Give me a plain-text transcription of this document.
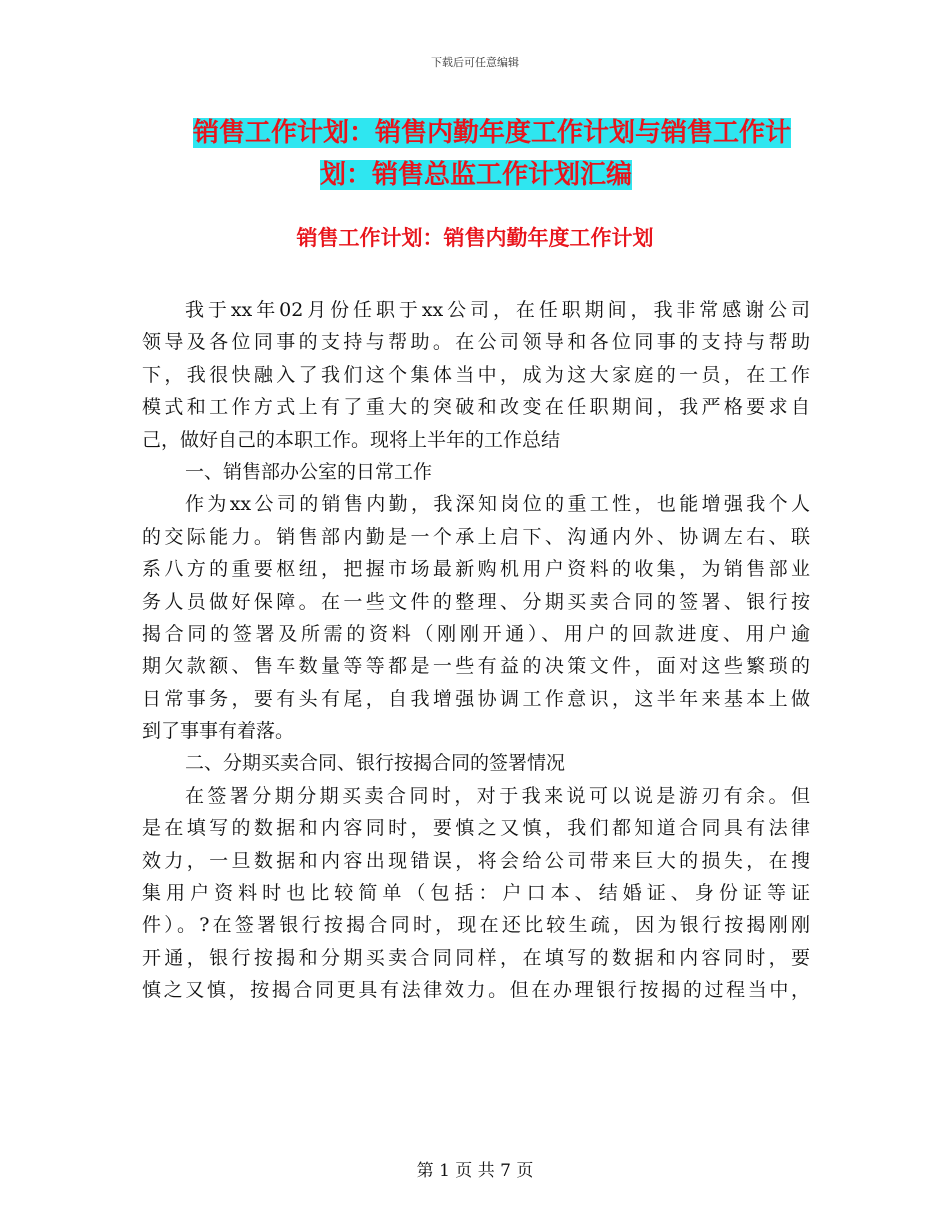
下载后可任意编辑
销售工作计划：销售内勤年度工作计划与销售工作计
划：销售总监工作计划汇编
销售工作计划：销售内勤年度工作计划
我于xx年02月份任职于xx公司，在任职期间，我非常感谢公司
领导及各位同事的支持与帮助。在公司领导和各位同事的支持与帮助
下，我很快融入了我们这个集体当中，成为这大家庭的一员，在工作
模式和工作方式上有了重大的突破和改变在任职期间，我严格要求自
己，做好自己的本职工作。现将上半年的工作总结
一、销售部办公室的日常工作
作为xx公司的销售内勤，我深知岗位的重工性，也能增强我个人
的交际能力。销售部内勤是一个承上启下、沟通内外、协调左右、联
系八方的重要枢纽，把握市场最新购机用户资料的收集，为销售部业
务人员做好保障。在一些文件的整理、分期买卖合同的签署、银行按
揭合同的签署及所需的资料（刚刚开通）、用户的回款进度、用户逾
期欠款额、售车数量等等都是一些有益的决策文件，面对这些繁琐的
日常事务，要有头有尾，自我增强协调工作意识，这半年来基本上做
到了事事有着落。
二、分期买卖合同、银行按揭合同的签署情况
在签署分期分期买卖合同时，对于我来说可以说是游刃有余。但
是在填写的数据和内容同时，要慎之又慎，我们都知道合同具有法律
效力，一旦数据和内容出现错误，将会给公司带来巨大的损失，在搜
集用户资料时也比较简单（包括：户口本、结婚证、身份证等证
件）。?在签署银行按揭合同时，现在还比较生疏，因为银行按揭刚刚
开通，银行按揭和分期买卖合同同样，在填写的数据和内容同时，要
慎之又慎，按揭合同更具有法律效力。但在办理银行按揭的过程当中，
第 1 页 共 7 页
